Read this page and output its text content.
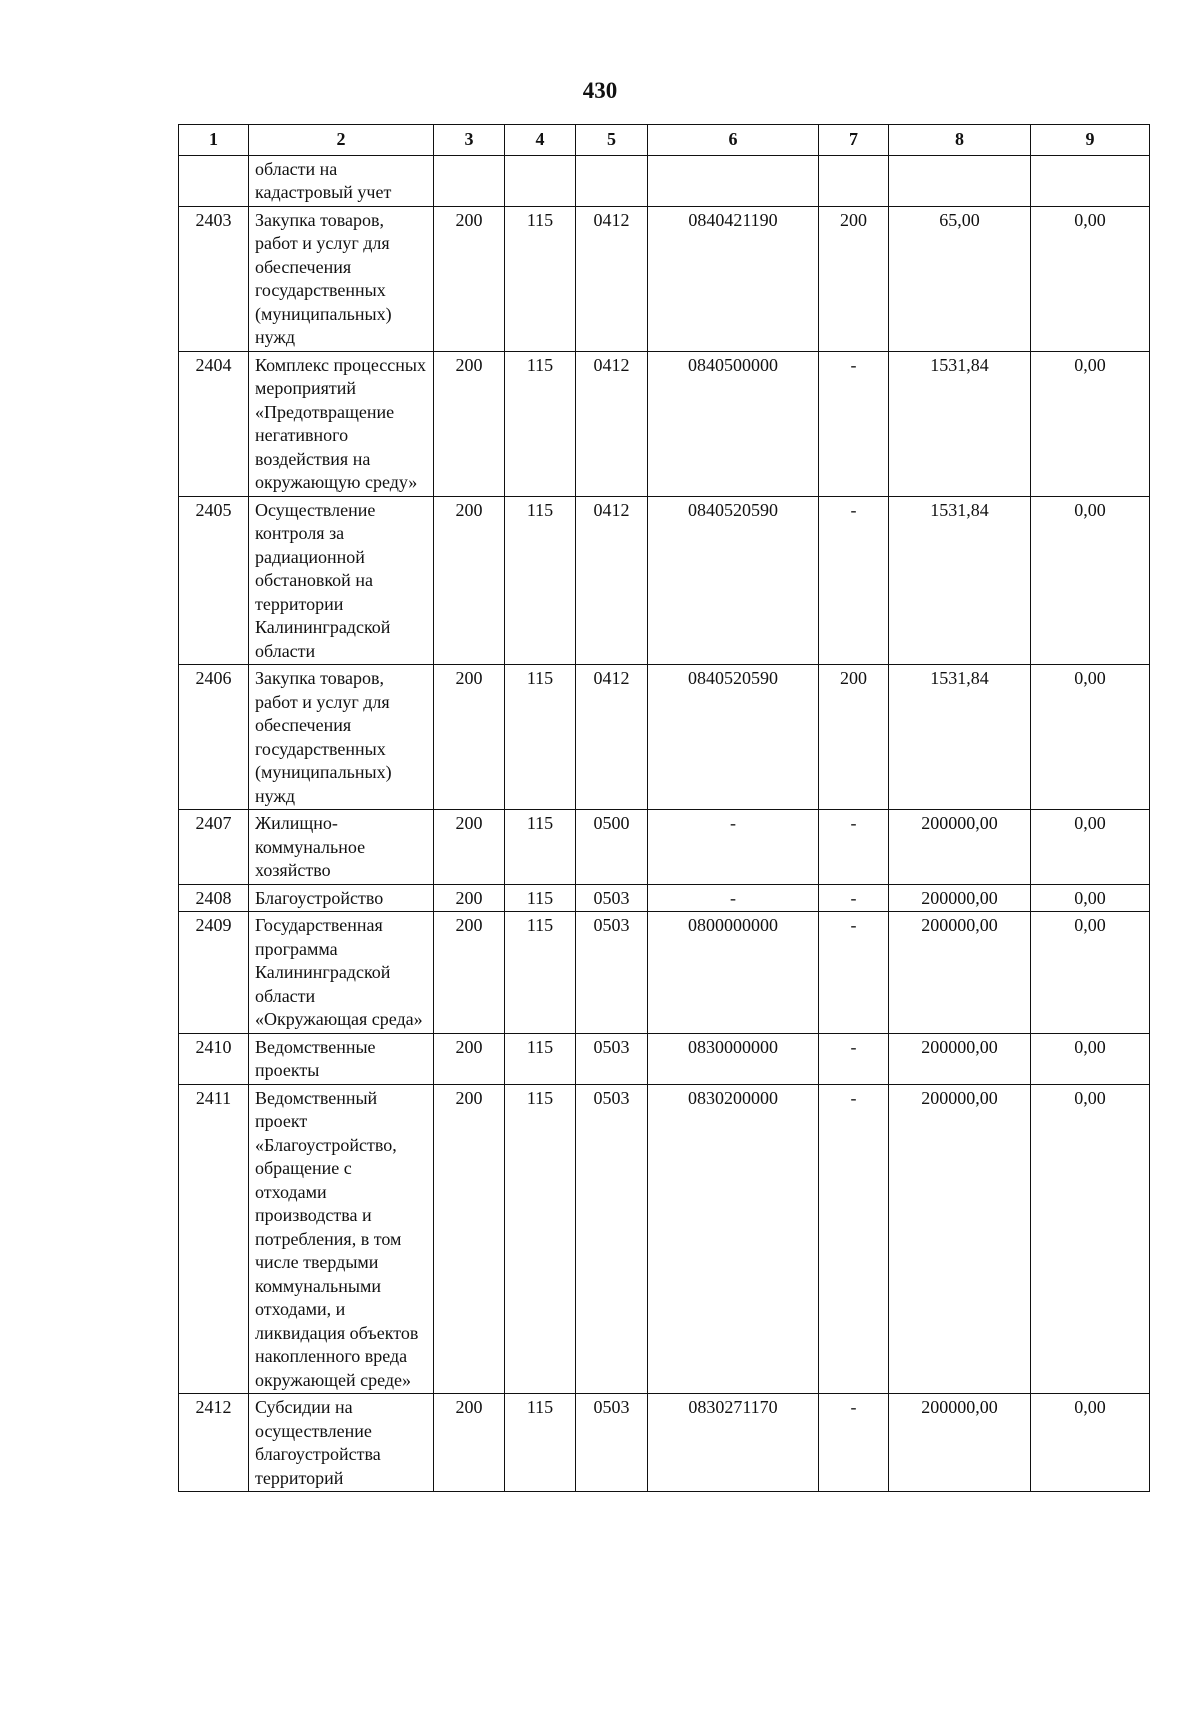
430
1	2	3	4	5	6	7	8	9
	области на кадастровый учет							
2403	Закупка товаров, работ и услуг для обеспечения государственных (муниципальных) нужд	200	115	0412	0840421190	200	65,00	0,00
2404	Комплекс процессных мероприятий «Предотвращение негативного воздействия на окружающую среду»	200	115	0412	0840500000	-	1531,84	0,00
2405	Осуществление контроля за радиационной обстановкой на территории Калининградской области	200	115	0412	0840520590	-	1531,84	0,00
2406	Закупка товаров, работ и услуг для обеспечения государственных (муниципальных) нужд	200	115	0412	0840520590	200	1531,84	0,00
2407	Жилищно-коммунальное хозяйство	200	115	0500	-	-	200000,00	0,00
2408	Благоустройство	200	115	0503	-	-	200000,00	0,00
2409	Государственная программа Калининградской области «Окружающая среда»	200	115	0503	0800000000	-	200000,00	0,00
2410	Ведомственные проекты	200	115	0503	0830000000	-	200000,00	0,00
2411	Ведомственный проект «Благоустройство, обращение с отходами производства и потребления, в том числе твердыми коммунальными отходами, и ликвидация объектов накопленного вреда окружающей среде»	200	115	0503	0830200000	-	200000,00	0,00
2412	Субсидии на осуществление благоустройства территорий	200	115	0503	0830271170	-	200000,00	0,00
